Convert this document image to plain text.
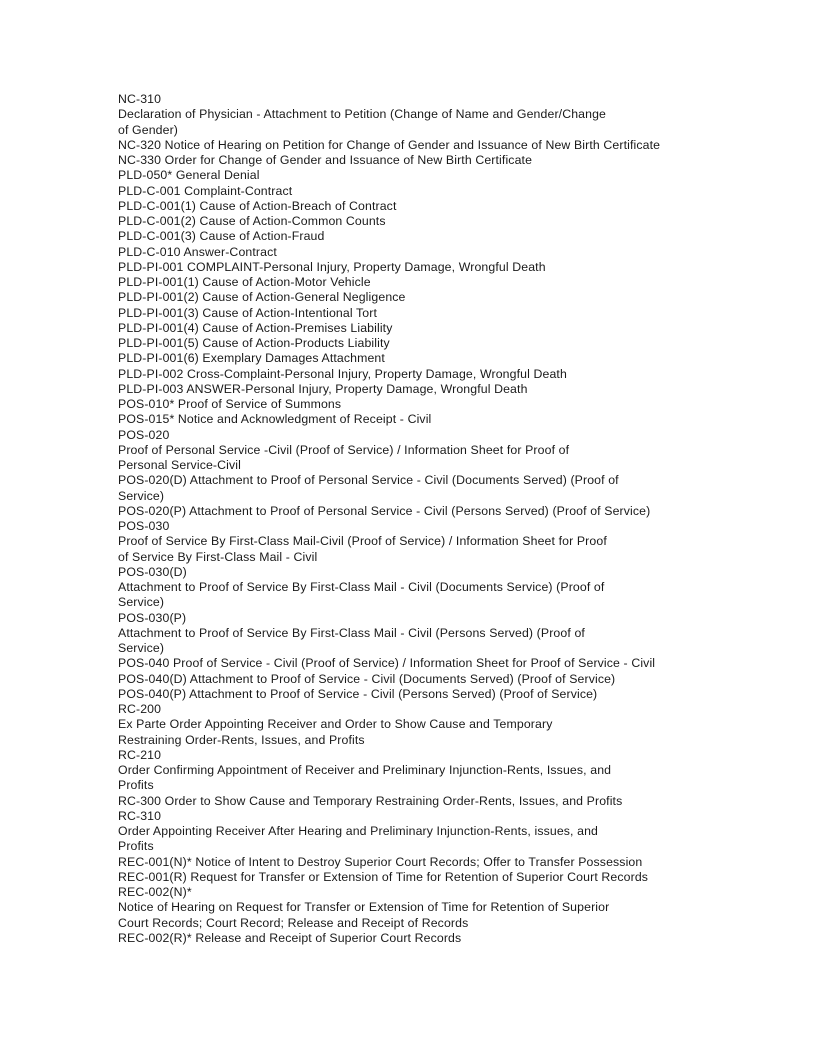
NC-310
Declaration of Physician - Attachment to Petition (Change of Name and Gender/Change
of Gender)
NC-320 Notice of Hearing on Petition for Change of Gender and Issuance of New Birth Certificate
NC-330 Order for Change of Gender and Issuance of New Birth Certificate
PLD-050* General Denial
PLD-C-001 Complaint-Contract
PLD-C-001(1) Cause of Action-Breach of Contract
PLD-C-001(2) Cause of Action-Common Counts
PLD-C-001(3) Cause of Action-Fraud
PLD-C-010 Answer-Contract
PLD-PI-001 COMPLAINT-Personal Injury, Property Damage, Wrongful Death
PLD-PI-001(1) Cause of Action-Motor Vehicle
PLD-PI-001(2) Cause of Action-General Negligence
PLD-PI-001(3) Cause of Action-Intentional Tort
PLD-PI-001(4) Cause of Action-Premises Liability
PLD-PI-001(5) Cause of Action-Products Liability
PLD-PI-001(6) Exemplary Damages Attachment
PLD-PI-002 Cross-Complaint-Personal Injury, Property Damage, Wrongful Death
PLD-PI-003 ANSWER-Personal Injury, Property Damage, Wrongful Death
POS-010* Proof of Service of Summons
POS-015* Notice and Acknowledgment of Receipt - Civil
POS-020
Proof of Personal Service -Civil (Proof of Service) / Information Sheet for Proof of
Personal Service-Civil
POS-020(D) Attachment to Proof of Personal Service - Civil (Documents Served) (Proof of
Service)
POS-020(P) Attachment to Proof of Personal Service - Civil (Persons Served) (Proof of Service)
POS-030
Proof of Service By First-Class Mail-Civil (Proof of Service) / Information Sheet for Proof
of Service By First-Class Mail - Civil
POS-030(D)
Attachment to Proof of Service By First-Class Mail - Civil (Documents Service) (Proof of
Service)
POS-030(P)
Attachment to Proof of Service By First-Class Mail - Civil (Persons Served) (Proof of
Service)
POS-040 Proof of Service - Civil (Proof of Service) / Information Sheet for Proof of Service - Civil
POS-040(D) Attachment to Proof of Service - Civil (Documents Served) (Proof of Service)
POS-040(P) Attachment to Proof of Service - Civil (Persons Served) (Proof of Service)
RC-200
Ex Parte Order Appointing Receiver and Order to Show Cause and Temporary
Restraining Order-Rents, Issues, and Profits
RC-210
Order Confirming Appointment of Receiver and Preliminary Injunction-Rents, Issues, and
Profits
RC-300 Order to Show Cause and Temporary Restraining Order-Rents, Issues, and Profits
RC-310
Order Appointing Receiver After Hearing and Preliminary Injunction-Rents, issues, and
Profits
REC-001(N)* Notice of Intent to Destroy Superior Court Records; Offer to Transfer Possession
REC-001(R) Request for Transfer or Extension of Time for Retention of Superior Court Records
REC-002(N)*
Notice of Hearing on Request for Transfer or Extension of Time for Retention of Superior
Court Records; Court Record; Release and Receipt of Records
REC-002(R)* Release and Receipt of Superior Court Records
